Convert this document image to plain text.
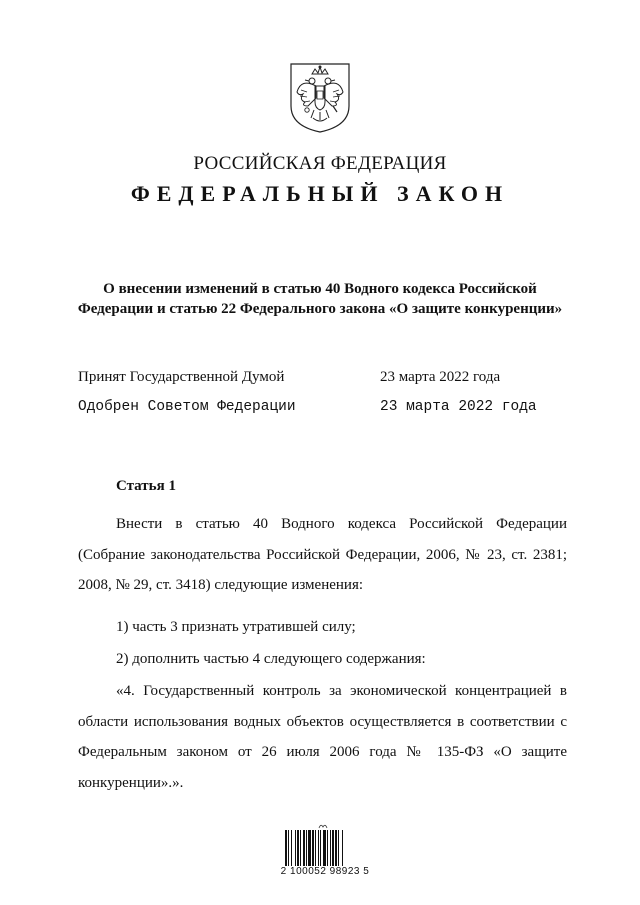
РОССИЙСКАЯ ФЕДЕРАЦИЯ
ФЕДЕРАЛЬНЫЙ ЗАКОН
О внесении изменений в статью 40 Водного кодекса Российской
Федерации и статью 22 Федерального закона «О защите конкуренции»
Принят Государственной Думой	23 марта 2022 года
Одобрен Советом Федерации	23 марта 2022 года
Статья 1
Внести в статью 40 Водного кодекса Российской Федерации (Собрание законодательства Российской Федерации, 2006, № 23, ст. 2381; 2008, № 29, ст. 3418) следующие изменения:
1) часть 3 признать утратившей силу;
2) дополнить частью 4 следующего содержания:
«4. Государственный контроль за экономической концентрацией в области использования водных объектов осуществляется в соответствии с Федеральным законом от 26 июля 2006 года № 135-ФЗ «О защите конкуренции».».
2 100052 98923 5
